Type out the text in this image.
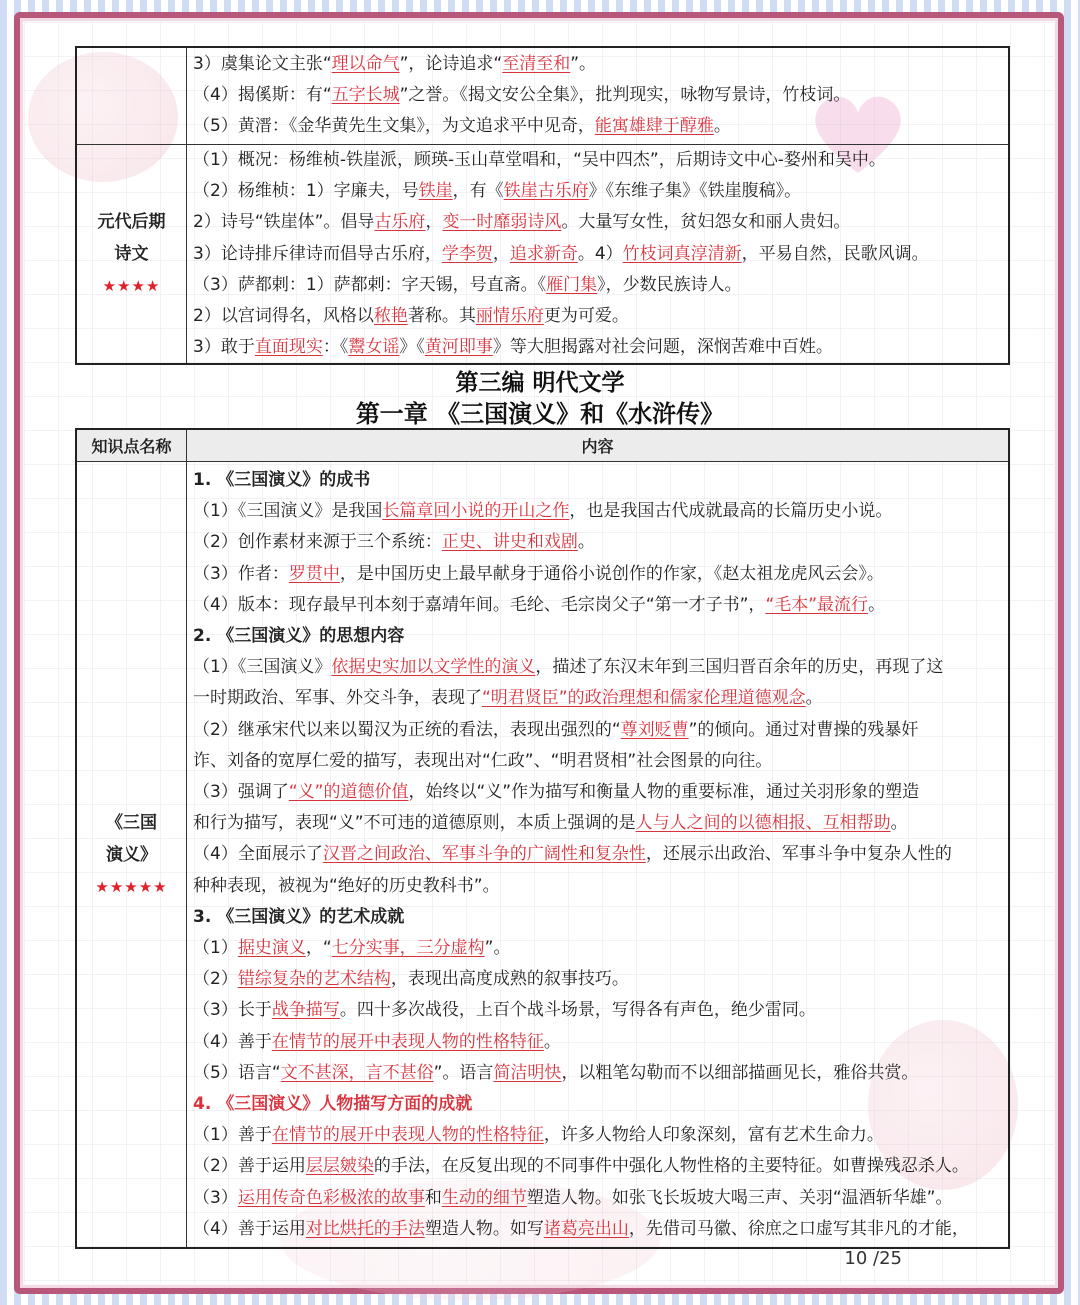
3）虞集论文主张“理以命气”，论诗追求“至清至和”。
（4）揭傒斯：有“五字长城”之誉。《揭文安公全集》，批判现实，咏物写景诗，竹枝词。
（5）黄溍：《金华黄先生文集》，为文追求平中见奇，能寓雄肆于醇雅。
元代后期
诗文
★★★★
（1）概况：杨维桢-铁崖派，顾瑛-玉山草堂唱和，“吴中四杰”，后期诗文中心-婺州和吴中。
（2）杨维桢：1）字廉夫，号铁崖，有《铁崖古乐府》《东维子集》《铁崖腹稿》。
2）诗号“铁崖体”。倡导古乐府，变一时靡弱诗风。大量写女性，贫妇怨女和丽人贵妇。
3）论诗排斥律诗而倡导古乐府，学李贺，追求新奇。4）竹枝词真淳清新，平易自然，民歌风调。
（3）萨都剌：1）萨都剌：字天锡，号直斋。《雁门集》，少数民族诗人。
2）以宫词得名，风格以秾艳著称。其丽情乐府更为可爱。
3）敢于直面现实：《鬻女谣》《黄河即事》等大胆揭露对社会问题，深悯苦难中百姓。
第三编 明代文学
第一章 《三国演义》和《水浒传》
知识点名称	内容
《三国
演义》
★★★★★
1. 《三国演义》的成书
（1）《三国演义》是我国长篇章回小说的开山之作，也是我国古代成就最高的长篇历史小说。
（2）创作素材来源于三个系统：正史、讲史和戏剧。
（3）作者：罗贯中，是中国历史上最早献身于通俗小说创作的作家，《赵太祖龙虎风云会》。
（4）版本：现存最早刊本刻于嘉靖年间。毛纶、毛宗岗父子“第一才子书”，“毛本”最流行。
2. 《三国演义》的思想内容
（1）《三国演义》依据史实加以文学性的演义，描述了东汉末年到三国归晋百余年的历史，再现了这
一时期政治、军事、外交斗争，表现了“明君贤臣”的政治理想和儒家伦理道德观念。
（2）继承宋代以来以蜀汉为正统的看法，表现出强烈的“尊刘贬曹”的倾向。通过对曹操的残暴奸
诈、刘备的宽厚仁爱的描写，表现出对“仁政”、“明君贤相”社会图景的向往。
（3）强调了“义”的道德价值，始终以“义”作为描写和衡量人物的重要标准，通过关羽形象的塑造
和行为描写，表现“义”不可违的道德原则，本质上强调的是人与人之间的以德相报、互相帮助。
（4）全面展示了汉晋之间政治、军事斗争的广阔性和复杂性，还展示出政治、军事斗争中复杂人性的
种种表现，被视为“绝好的历史教科书”。
3. 《三国演义》的艺术成就
（1）据史演义，“七分实事，三分虚构”。
（2）错综复杂的艺术结构，表现出高度成熟的叙事技巧。
（3）长于战争描写。四十多次战役，上百个战斗场景，写得各有声色，绝少雷同。
（4）善于在情节的展开中表现人物的性格特征。
（5）语言“文不甚深，言不甚俗”。语言简洁明快，以粗笔勾勒而不以细部描画见长，雅俗共赏。
4. 《三国演义》人物描写方面的成就
（1）善于在情节的展开中表现人物的性格特征，许多人物给人印象深刻，富有艺术生命力。
（2）善于运用层层皴染的手法，在反复出现的不同事件中强化人物性格的主要特征。如曹操残忍杀人。
（3）运用传奇色彩极浓的故事和生动的细节塑造人物。如张飞长坂坡大喝三声、关羽“温酒斩华雄”。
（4）善于运用对比烘托的手法塑造人物。如写诸葛亮出山，先借司马徽、徐庶之口虚写其非凡的才能，
10 /25
